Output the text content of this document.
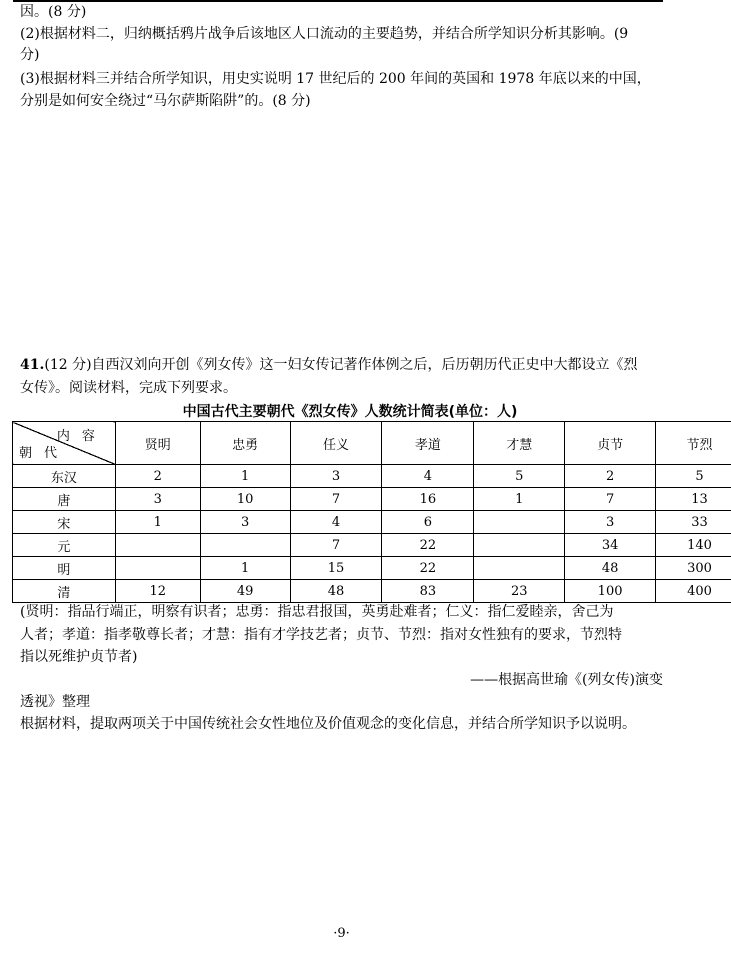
因。(8 分)
(2)根据材料二，归纳概括鸦片战争后该地区人口流动的主要趋势，并结合所学知识分析其影响。(9
分)
(3)根据材料三并结合所学知识，用史实说明 17 世纪后的 200 年间的英国和 1978 年底以来的中国，
分别是如何安全绕过“马尔萨斯陷阱”的。(8 分)
41.(12 分)自西汉刘向开创《列女传》这一妇女传记著作体例之后，后历朝历代正史中大都设立《烈
女传》。阅读材料，完成下列要求。
中国古代主要朝代《烈女传》人数统计简表(单位：人)
内容
朝代	贤明	忠勇	任义	孝道	才慧	贞节	节烈
东汉	2	1	3	4	5	2	5
唐	3	10	7	16	1	7	13
宋	1	3	4	6		3	33
元			7	22		34	140
明		1	15	22		48	300
清	12	49	48	83	23	100	400
(贤明：指品行端正，明察有识者；忠勇：指忠君报国，英勇赴难者；仁义：指仁爱睦亲，舍己为
人者；孝道：指孝敬尊长者；才慧：指有才学技艺者；贞节、节烈：指对女性独有的要求，节烈特
指以死维护贞节者)
——根据高世瑜《(列女传)演变
透视》整理
根据材料，提取两项关于中国传统社会女性地位及价值观念的变化信息，并结合所学知识予以说明。
·9·
